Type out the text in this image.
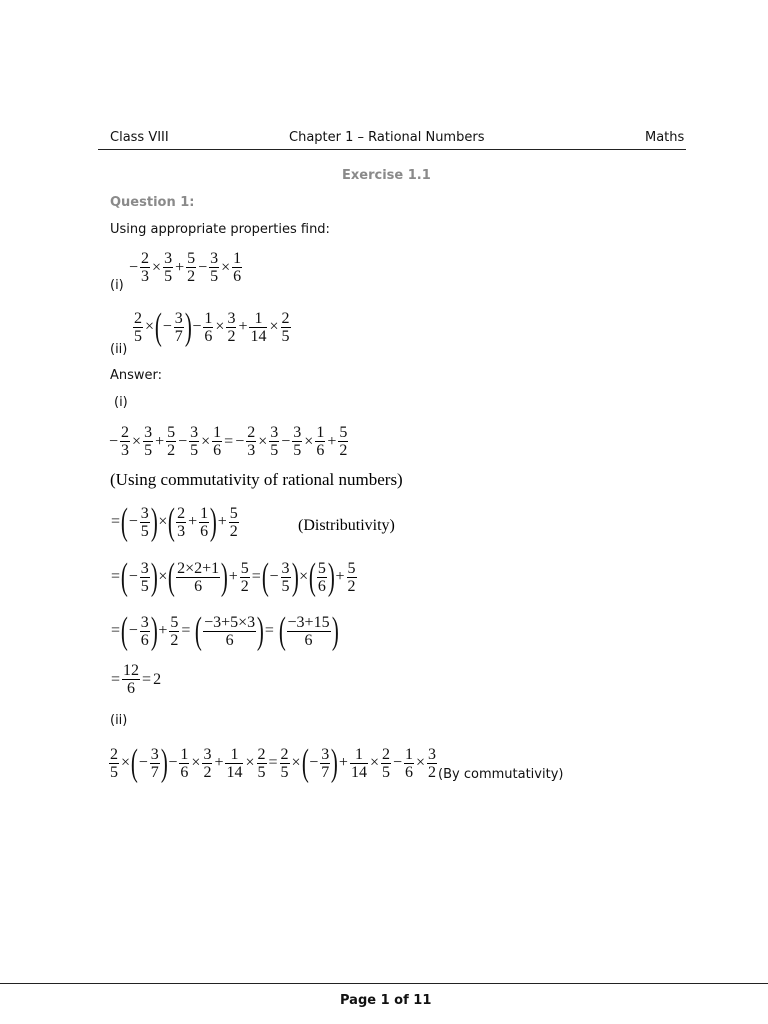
Class VIII	Chapter 1 – Rational Numbers	Maths
Exercise 1.1
Question 1:
Using appropriate properties find:
(i)
− $\frac{2}{3} \times \frac{3}{5} + \frac{5}{2} - \frac{3}{5} \times \frac{1}{6}$
(ii)
$\frac{2}{5}$ ×(− $\frac{3}{7}$ )− $\frac{1}{6} \times \frac{3}{2} + \frac{1}{14} \times \frac{2}{5}$
Answer:
(i)
− $\frac{2}{3} \times \frac{3}{5} + \frac{5}{2} - \frac{3}{5} \times \frac{1}{6}$ = − $\frac{2}{3} \times \frac{3}{5} - \frac{3}{5} \times \frac{1}{6} + \frac{5}{2}$
(Using commutativity of rational numbers)
=(− $\frac{3}{5}$ )×( $\frac{2}{3} + \frac{1}{6}$ )+ $\frac{5}{2}$	(Distributivity)
=(− $\frac{3}{5}$ )×( $\frac{2\times 2+1}{6}$ )+ $\frac{5}{2}$ =(− $\frac{3}{5}$ )×( $\frac{5}{6}$ )+ $\frac{5}{2}$
=(− $\frac{3}{6}$ )+ $\frac{5}{2}$ = ( $\frac{-3+5\times 3}{6}$ )= ( $\frac{-3+15}{6}$ )
= $\frac{12}{6} = 2$
(ii)
$\frac{2}{5}$ ×(− $\frac{3}{7}$ )− $\frac{1}{6} \times \frac{3}{2} + \frac{1}{14} \times \frac{2}{5} = \frac{2}{5}$ ×(− $\frac{3}{7}$ )+ $\frac{1}{14} \times \frac{2}{5} - \frac{1}{6} \times \frac{3}{2} (By$ commutativity)
Page 1 of 11
